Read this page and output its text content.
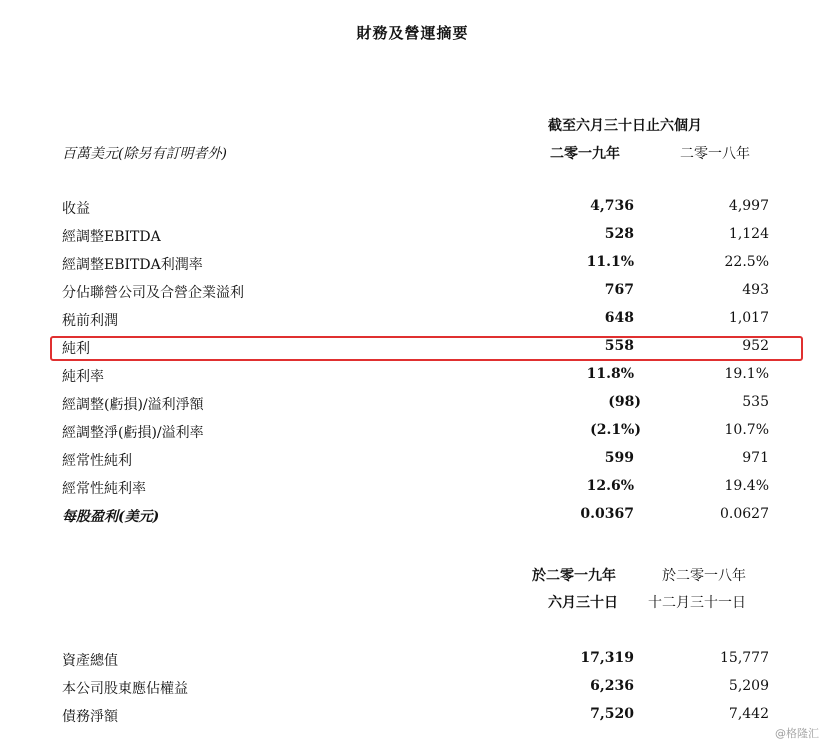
財務及營運摘要
截至六月三十日止六個月
百萬美元(除另有訂明者外)	二零一九年	二零一八年
收益	4,736	4,997
經調整EBITDA	528	1,124
經調整EBITDA利潤率	11.1%	22.5%
分佔聯營公司及合營企業溢利	767	493
税前利潤	648	1,017
純利	558	952
純利率	11.8%	19.1%
經調整(虧損)/溢利淨額	(98)	535
經調整淨(虧損)/溢利率	(2.1%)	10.7%
經常性純利	599	971
經常性純利率	12.6%	19.4%
每股盈利(美元)	0.0367	0.0627
於二零一九年	於二零一八年
六月三十日 十二月三十一日
資產總值	17,319	15,777
本公司股東應佔權益	6,236	5,209
債務淨額	7,520	7,442
@格隆汇
